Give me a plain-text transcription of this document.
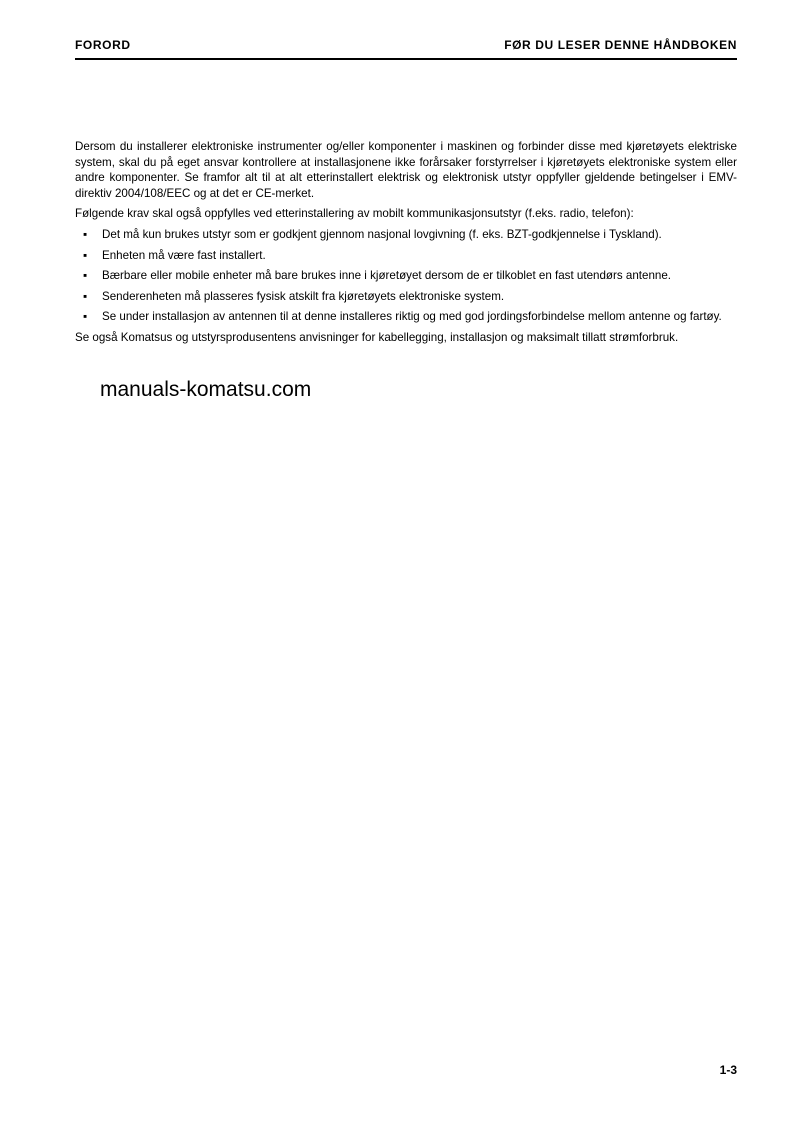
FORORD	FØR DU LESER DENNE HÅNDBOKEN

Dersom du installerer elektroniske instrumenter og/eller komponenter i maskinen og forbinder disse med kjøretøyets elektriske system, skal du på eget ansvar kontrollere at installasjonene ikke forårsaker forstyrrelser i kjøretøyets elektroniske system eller andre komponenter. Se framfor alt til at alt etterinstallert elektrisk og elektronisk utstyr oppfyller gjeldende betingelser i EMV-direktiv 2004/108/EEC og at det er CE-merket.

Følgende krav skal også oppfylles ved etterinstallering av mobilt kommunikasjonsutstyr (f.eks. radio, telefon):

▪ Det må kun brukes utstyr som er godkjent gjennom nasjonal lovgivning (f. eks. BZT-godkjennelse i Tyskland).
▪ Enheten må være fast installert.
▪ Bærbare eller mobile enheter må bare brukes inne i kjøretøyet dersom de er tilkoblet en fast utendørs antenne.
▪ Senderenheten må plasseres fysisk atskilt fra kjøretøyets elektroniske system.
▪ Se under installasjon av antennen til at denne installeres riktig og med god jordingsforbindelse mellom antenne og fartøy.

Se også Komatsus og utstyrsprodusentens anvisninger for kabellegging, installasjon og maksimalt tillatt strømforbruk.

manuals-komatsu.com
1-3
